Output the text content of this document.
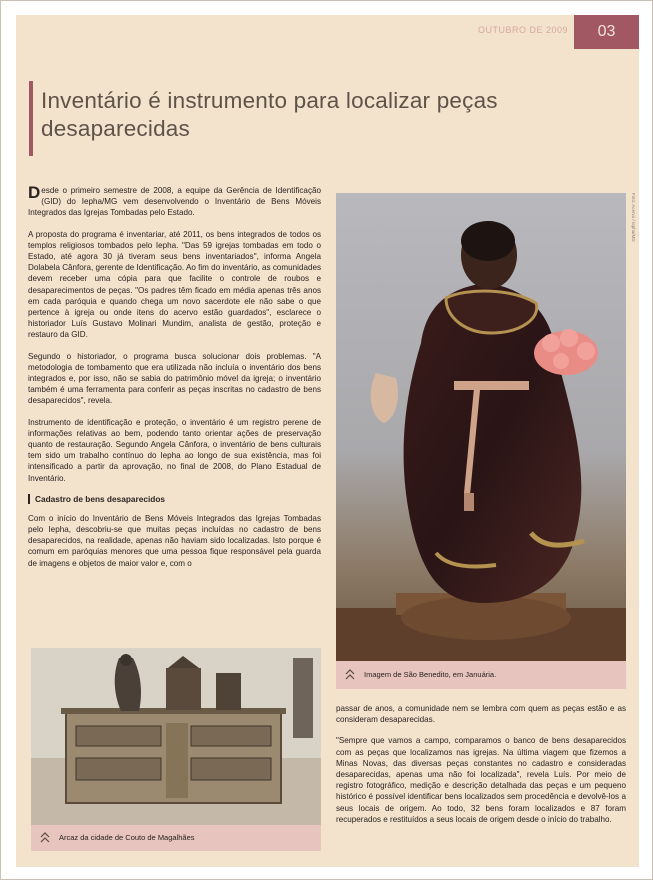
OUTUBRO DE 2009	03
Inventário é instrumento para localizar peças desaparecidas

Desde o primeiro semestre de 2008, a equipe da Gerência de Identificação (GID) do Iepha/MG vem desenvolvendo o Inventário de Bens Móveis Integrados das Igrejas Tombadas pelo Estado.

A proposta do programa é inventariar, até 2011, os bens integrados de todos os templos religiosos tombados pelo Iepha. "Das 59 igrejas tombadas em todo o Estado, até agora 30 já tiveram seus bens inventariados", informa Angela Dolabela Cânfora, gerente de Identificação. Ao fim do inventário, as comunidades devem receber uma cópia para que facilite o controle de roubos e desaparecimentos de peças. "Os padres têm ficado em média apenas três anos em cada paróquia e quando chega um novo sacerdote ele não sabe o que pertence à igreja ou onde itens do acervo estão guardados", esclarece o historiador Luís Gustavo Molinari Mundim, analista de gestão, proteção e restauro da GID.

Segundo o historiador, o programa busca solucionar dois problemas. "A metodologia de tombamento que era utilizada não incluía o inventário dos bens integrados e, por isso, não se sabia do patrimônio móvel da igreja; o inventário também é uma ferramenta para conferir as peças inscritas no cadastro de bens desaparecidos", revela.

Instrumento de identificação e proteção, o inventário é um registro perene de informações relativas ao bem, podendo tanto orientar ações de preservação quanto de restauração. Segundo Angela Cânfora, o inventário de bens culturais tem sido um trabalho contínuo do Iepha ao longo de sua existência, mas foi intensificado a partir da aprovação, no final de 2008, do Plano Estadual de Inventário.

Cadastro de bens desaparecidos

Com o início do Inventário de Bens Móveis Integrados das Igrejas Tombadas pelo Iepha, descobriu-se que muitas peças incluídas no cadastro de bens desaparecidos, na realidade, apenas não haviam sido localizadas. Isto porque é comum em paróquias menores que uma pessoa fique responsável pela guarda de imagens e objetos de maior valor e, com o

Foto: Acervo / Iepha/MG
Imagem de São Benedito, em Januária.
Arcaz da cidade de Couto de Magalhães

passar de anos, a comunidade nem se lembra com quem as peças estão e as consideram desaparecidas.

"Sempre que vamos a campo, comparamos o banco de bens desaparecidos com as peças que localizamos nas igrejas. Na última viagem que fizemos a Minas Novas, das diversas peças constantes no cadastro e consideradas desaparecidas, apenas uma não foi localizada", revela Luís. Por meio de registro fotográfico, medição e descrição detalhada das peças e um pequeno histórico é possível identificar bens localizados sem procedência e devolvê-los a seus locais de origem. Ao todo, 32 bens foram localizados e 87 foram recuperados e restituídos a seus locais de origem desde o início do trabalho.
